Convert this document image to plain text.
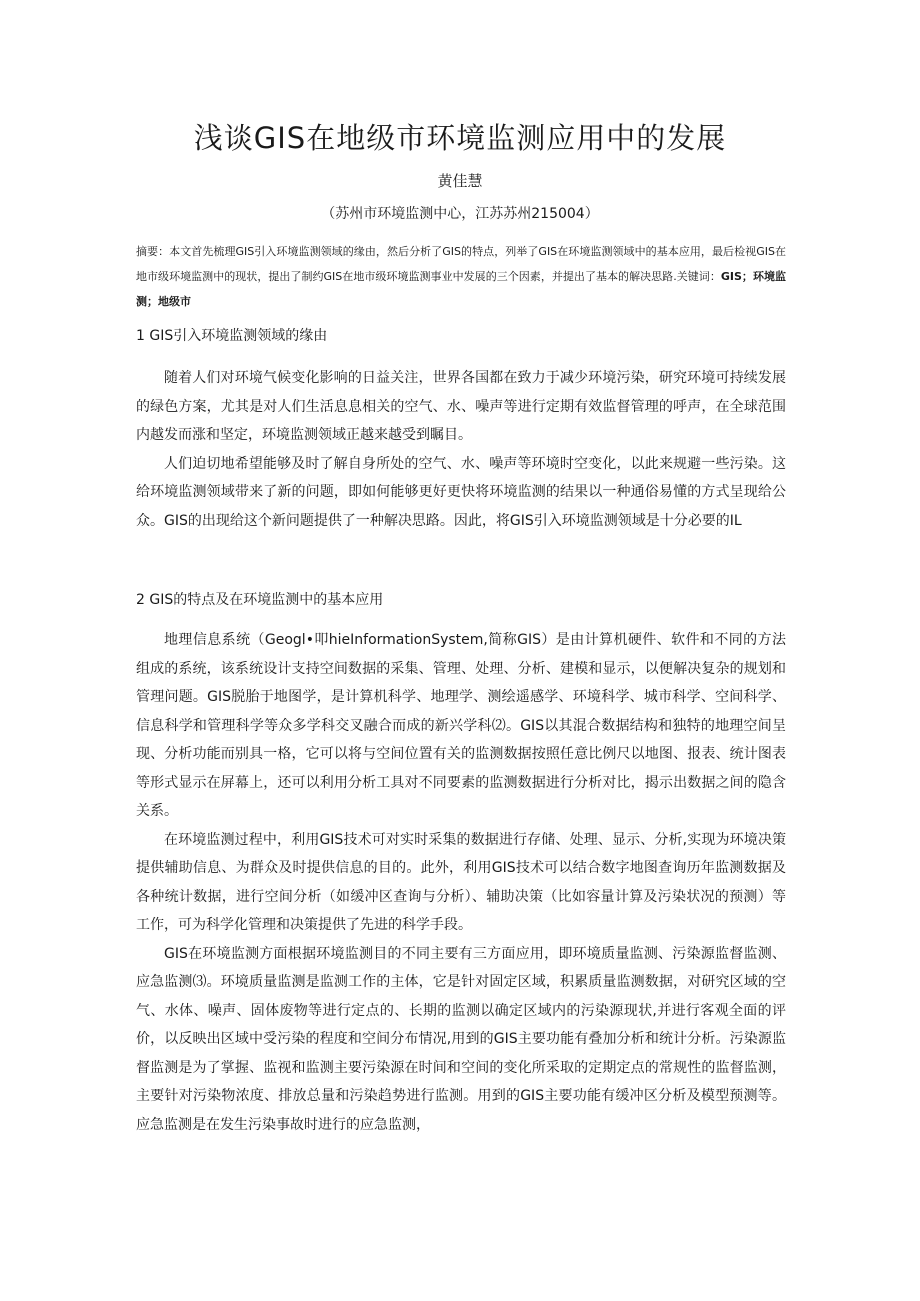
浅谈GIS在地级市环境监测应用中的发展
黄佳慧
（苏州市环境监测中心，江苏苏州215004）
摘要：本文首先梳理GIS引入环境监测领域的缘由，然后分析了GIS的特点，列举了GIS在环境监测领域中的基本应用，最后检视GIS在地市级环境监测中的现状，提出了制约GIS在地市级环境监测事业中发展的三个因素，并提出了基本的解决思路.关键词：GIS；环境监测；地级市
1 GIS引入环境监测领域的缘由

随着人们对环境气候变化影响的日益关注，世界各国都在致力于减少环境污染，研究环境可持续发展的绿色方案，尤其是对人们生活息息相关的空气、水、噪声等进行定期有效监督管理的呼声，在全球范围内越发而涨和坚定，环境监测领域正越来越受到瞩目。

人们迫切地希望能够及时了解自身所处的空气、水、噪声等环境时空变化，以此来规避一些污染。这给环境监测领域带来了新的问题，即如何能够更好更快将环境监测的结果以一种通俗易懂的方式呈现给公众。GIS的出现给这个新问题提供了一种解决思路。因此，将GIS引入环境监测领域是十分必要的IL

2 GIS的特点及在环境监测中的基本应用

地理信息系统（Geogl•叩hieInformationSystem,简称GIS）是由计算机硬件、软件和不同的方法组成的系统，该系统设计支持空间数据的采集、管理、处理、分析、建模和显示，以便解决复杂的规划和管理问题。GIS脱胎于地图学，是计算机科学、地理学、测绘遥感学、环境科学、城市科学、空间科学、信息科学和管理科学等众多学科交叉融合而成的新兴学科⑵。GIS以其混合数据结构和独特的地理空间呈现、分析功能而别具一格，它可以将与空间位置有关的监测数据按照任意比例尺以地图、报表、统计图表等形式显示在屏幕上，还可以利用分析工具对不同要素的监测数据进行分析对比，揭示出数据之间的隐含关系。

在环境监测过程中，利用GIS技术可对实时采集的数据进行存储、处理、显示、分析,实现为环境决策提供辅助信息、为群众及时提供信息的目的。此外，利用GIS技术可以结合数字地图查询历年监测数据及各种统计数据，进行空间分析（如缓冲区查询与分析）、辅助决策（比如容量计算及污染状况的预测）等工作，可为科学化管理和决策提供了先进的科学手段。

GIS在环境监测方面根据环境监测目的不同主要有三方面应用，即环境质量监测、污染源监督监测、应急监测⑶。环境质量监测是监测工作的主体，它是针对固定区域，积累质量监测数据，对研究区域的空气、水体、噪声、固体废物等进行定点的、长期的监测以确定区域内的污染源现状,并进行客观全面的评价，以反映出区域中受污染的程度和空间分布情况,用到的GIS主要功能有叠加分析和统计分析。污染源监督监测是为了掌握、监视和监测主要污染源在时间和空间的变化所采取的定期定点的常规性的监督监测，主要针对污染物浓度、排放总量和污染趋势进行监测。用到的GIS主要功能有缓冲区分析及模型预测等。应急监测是在发生污染事故时进行的应急监测，
